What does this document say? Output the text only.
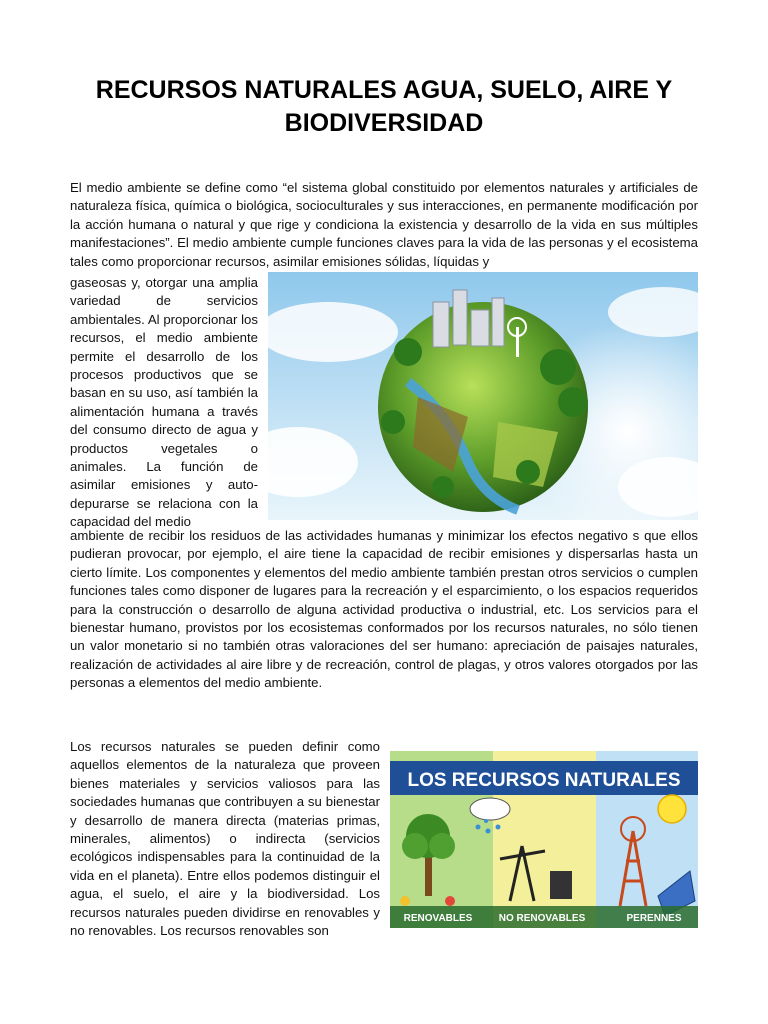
RECURSOS NATURALES AGUA, SUELO, AIRE Y BIODIVERSIDAD

El medio ambiente se define como “el sistema global constituido por elementos naturales y artificiales de naturaleza física, química o biológica, socioculturales y sus interacciones, en permanente modificación por la acción humana o natural y que rige y condiciona la existencia y desarrollo de la vida en sus múltiples manifestaciones”. El medio ambiente cumple funciones claves para la vida de las personas y el ecosistema tales como proporcionar recursos, asimilar emisiones sólidas, líquidas y

gaseosas y, otorgar una amplia variedad de servicios ambientales. Al proporcionar los recursos, el medio ambiente permite el desarrollo de los procesos productivos que se basan en su uso, así también la alimentación humana a través del consumo directo de agua y productos vegetales o animales. La función de asimilar emisiones y auto-depurarse se relaciona con la capacidad del medio

ambiente de recibir los residuos de las actividades humanas y minimizar los efectos negativo s que ellos pudieran provocar, por ejemplo, el aire tiene la capacidad de recibir emisiones y dispersarlas hasta un cierto límite. Los componentes y elementos del medio ambiente también prestan otros servicios o cumplen funciones tales como disponer de lugares para la recreación y el esparcimiento, o los espacios requeridos para la construcción o desarrollo de alguna actividad productiva o industrial, etc. Los servicios para el bienestar humano, provistos por los ecosistemas conformados por los recursos naturales, no sólo tienen un valor monetario si no también otras valoraciones del ser humano: apreciación de paisajes naturales, realización de actividades al aire libre y de recreación, control de plagas, y otros valores otorgados por las personas a elementos del medio ambiente.

Los recursos naturales se pueden definir como aquellos elementos de la naturaleza que proveen bienes materiales y servicios valiosos para las sociedades humanas que contribuyen a su bienestar y desarrollo de manera directa (materias primas, minerales, alimentos) o indirecta (servicios ecológicos indispensables para la continuidad de la vida en el planeta). Entre ellos podemos distinguir el agua, el suelo, el aire y la biodiversidad. Los recursos naturales pueden dividirse en renovables y no renovables. Los recursos renovables son

LOS RECURSOS NATURALES
RENOVABLES	NO RENOVABLES	PERENNES
